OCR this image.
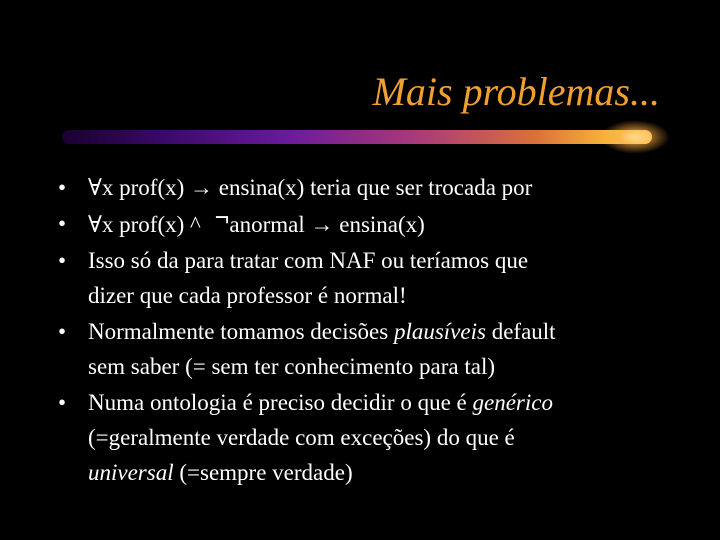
Mais problemas...
• ∀x prof(x) → ensina(x) teria que ser trocada por
• ∀x prof(x) ^ ¬anormal → ensina(x)
• Isso só da para tratar com NAF ou teríamos que
dizer que cada professor é normal!
• Normalmente tomamos decisões plausíveis default
sem saber (= sem ter conhecimento para tal)
• Numa ontologia é preciso decidir o que é genérico
(=geralmente verdade com exceções) do que é
universal (=sempre verdade)
